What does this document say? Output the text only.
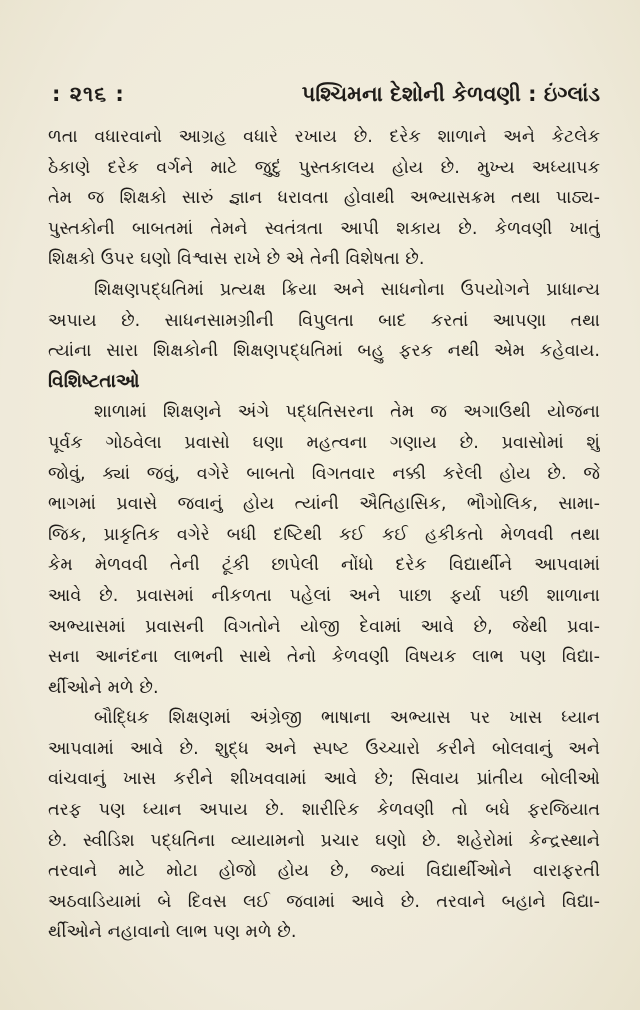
: ૨૧૬ :	પશ્ચિમના દેશોની કેળવણી : ઇંગ્લાંડ
ળતા વધારવાનો આગ્રહ વધારે રખાય છે. દરેક શાળાને અને કેટલેક
ઠેકાણે દરેક વર્ગને માટે જુદું પુસ્તકાલય હોય છે. મુખ્ય અધ્યાપક
તેમ જ શિક્ષકો સારું જ્ઞાન ધરાવતા હોવાથી અભ્યાસક્રમ તથા પાઠ્ય-
પુસ્તકોની બાબતમાં તેમને સ્વતંત્રતા આપી શકાય છે. કેળવણી ખાતું
શિક્ષકો ઉપર ઘણો વિશ્વાસ રાખે છે એ તેની વિશેષતા છે.
શિક્ષણપદ્ધતિમાં પ્રત્યક્ષ ક્રિયા અને સાધનોના ઉપયોગને પ્રાધાન્ય
અપાય છે. સાધનસામગ્રીની વિપુલતા બાદ કરતાં આપણા તથા
ત્યાંના સારા શિક્ષકોની શિક્ષણપદ્ધતિમાં બહુ ફરક નથી એમ કહેવાય.
વિશિષ્ટતાઓ
શાળામાં શિક્ષણને અંગે પદ્ધતિસરના તેમ જ અગાઉથી યોજના
પૂર્વક ગોઠવેલા પ્રવાસો ઘણા મહત્વના ગણાય છે. પ્રવાસોમાં શું
જોવું, ક્યાં જવું, વગેરે બાબતો વિગતવાર નક્કી કરેલી હોય છે. જે
ભાગમાં પ્રવાસે જવાનું હોય ત્યાંની ઐતિહાસિક, ભૌગોલિક, સામા-
જિક, પ્રાકૃતિક વગેરે બધી દષ્ટિથી કઈ કઈ હકીકતો મેળવવી તથા
કેમ મેળવવી તેની ટૂંકી છાપેલી નોંધો દરેક વિદ્યાર્થીને આપવામાં
આવે છે. પ્રવાસમાં નીકળતા પહેલાં અને પાછા ફર્યા પછી શાળાના
અભ્યાસમાં પ્રવાસની વિગતોને યોજી દેવામાં આવે છે, જેથી પ્રવા-
સના આનંદના લાભની સાથે તેનો કેળવણી વિષયક લાભ પણ વિદ્યા-
ર્થીઓને મળે છે.
બૌદ્ધિક શિક્ષણમાં અંગ્રેજી ભાષાના અભ્યાસ પર ખાસ ધ્યાન
આપવામાં આવે છે. શુદ્ધ અને સ્પષ્ટ ઉચ્ચારો કરીને બોલવાનું અને
વાંચવાનું ખાસ કરીને શીખવવામાં આવે છે; સિવાય પ્રાંતીય બોલીઓ
તરફ પણ ધ્યાન અપાય છે. શારીરિક કેળવણી તો બધે ફરજિયાત
છે. સ્વીડિશ પદ્ધતિના વ્યાયામનો પ્રચાર ઘણો છે. શહેરોમાં કેન્દ્રસ્થાને
તરવાને માટે મોટા હોજો હોય છે, જ્યાં વિદ્યાર્થીઓને વારાફરતી
અઠવાડિયામાં બે દિવસ લઈ જવામાં આવે છે. તરવાને બહાને વિદ્યા-
ર્થીઓને નહાવાનો લાભ પણ મળે છે.
